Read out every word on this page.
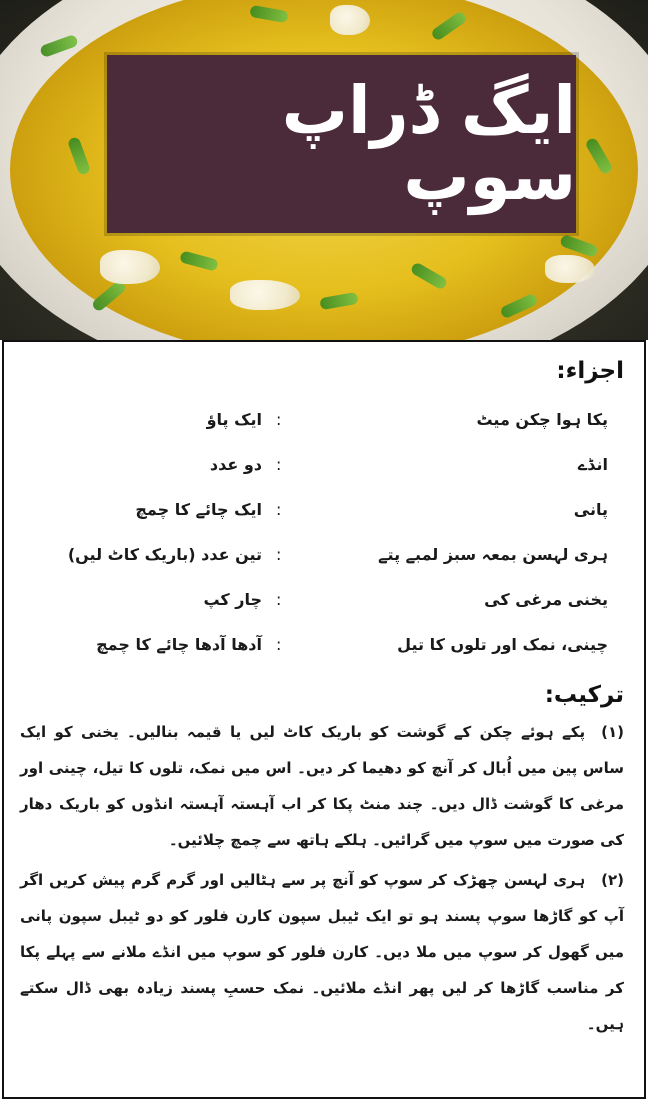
ایگ ڈراپ سوپ
اجزاء:
پکا ہوا چکن میٹ
:
ایک پاؤ
انڈے
:
دو عدد
پانی
:
ایک چائے کا چمچ
ہری لہسن بمعہ سبز لمبے پتے
:
تین عدد (باریک کاٹ لیں)
یخنی مرغی کی
:
چار کپ
چینی، نمک اور تلوں کا تیل
:
آدھا آدھا چائے کا چمچ
ترکیب:

(۱)پکے ہوئے چکن کے گوشت کو باریک کاٹ لیں یا قیمہ بنالیں۔ یخنی کو ایک ساس پین میں اُبال کر آنچ کو دھیما کر دیں۔ اس میں نمک، تلوں کا تیل، چینی اور مرغی کا گوشت ڈال دیں۔ چند منٹ پکا کر اب آہستہ آہستہ انڈوں کو باریک دھار کی صورت میں سوپ میں گرائیں۔ ہلکے ہاتھ سے چمچ چلائیں۔

(۲)ہری لہسن چھڑک کر سوپ کو آنچ پر سے ہٹالیں اور گرم گرم پیش کریں اگر آپ کو گاڑھا سوپ پسند ہو تو ایک ٹیبل سپون کارن فلور کو دو ٹیبل سپون پانی میں گھول کر سوپ میں ملا دیں۔ کارن فلور کو سوپ میں انڈے ملانے سے پہلے پکا کر مناسب گاڑھا کر لیں پھر انڈے ملائیں۔ نمک حسبِ پسند زیادہ بھی ڈال سکتے ہیں۔
